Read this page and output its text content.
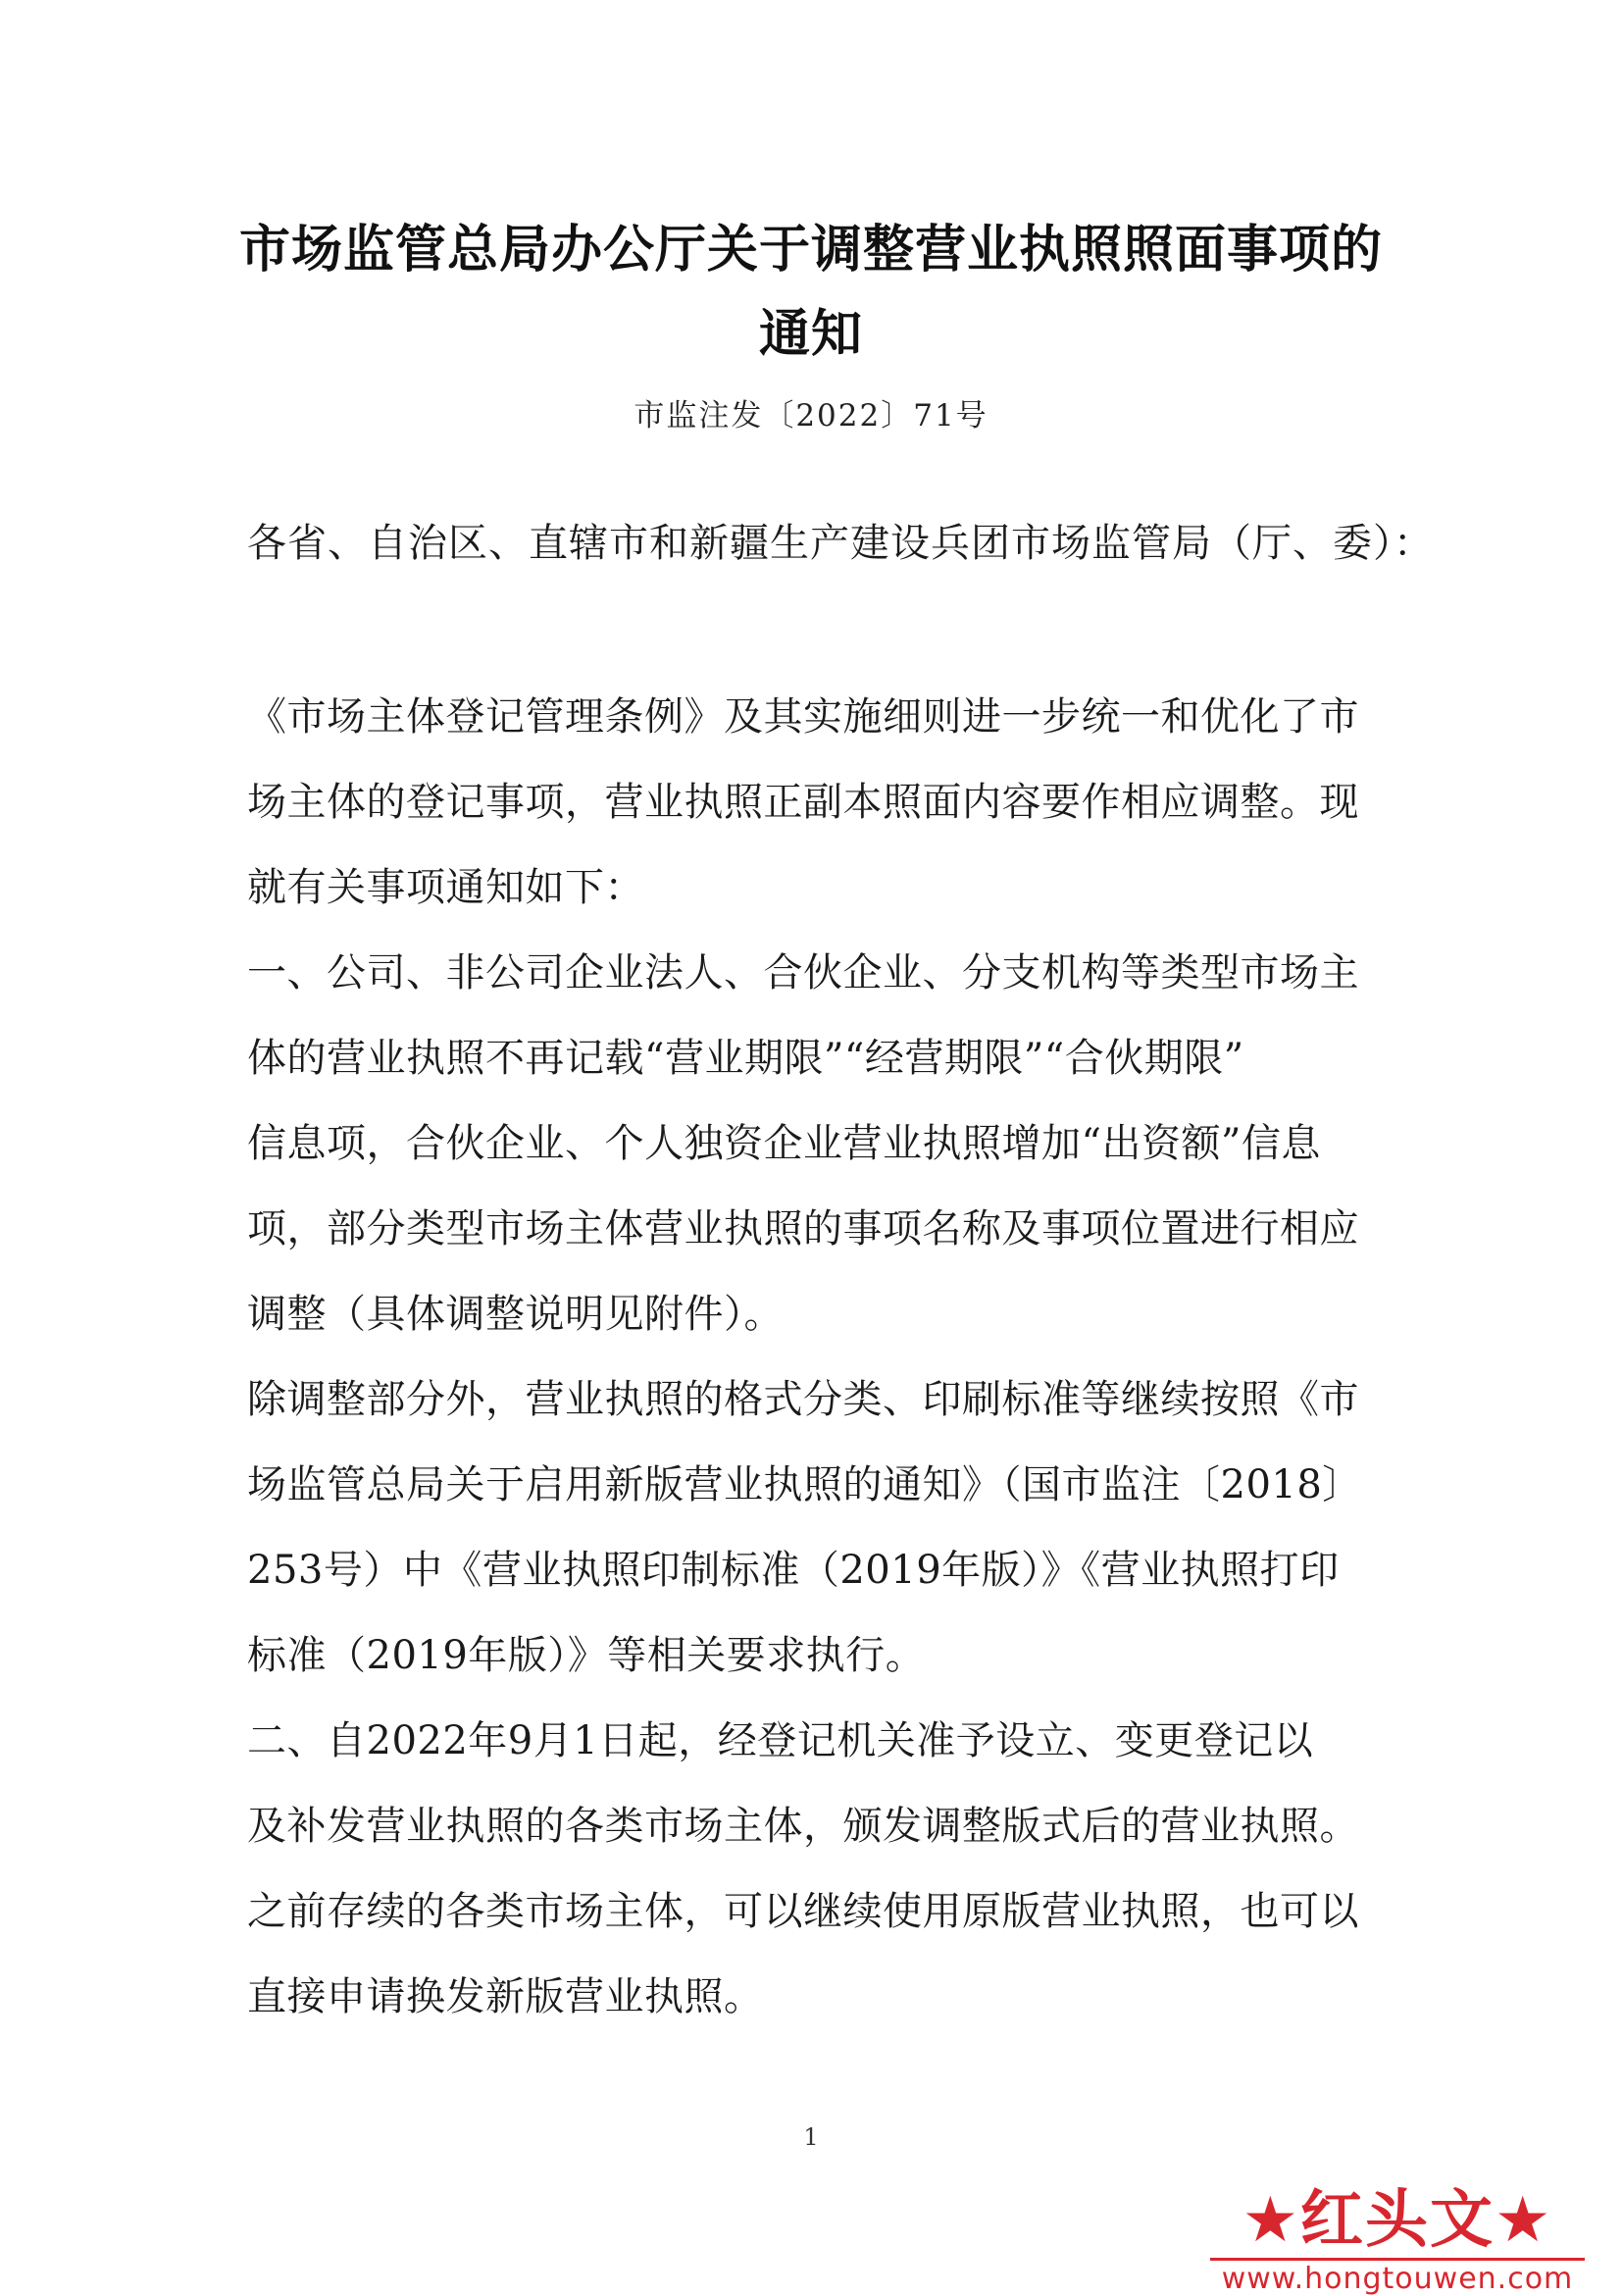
市场监管总局办公厅关于调整营业执照照面事项的
通知
市监注发〔2022〕71号
各省、自治区、直辖市和新疆生产建设兵团市场监管局（厅、委）：
《市场主体登记管理条例》及其实施细则进一步统一和优化了市
场主体的登记事项，营业执照正副本照面内容要作相应调整。现
就有关事项通知如下：
一、公司、非公司企业法人、合伙企业、分支机构等类型市场主
体的营业执照不再记载“营业期限”“经营期限”“合伙期限”
信息项，合伙企业、个人独资企业营业执照增加“出资额”信息
项，部分类型市场主体营业执照的事项名称及事项位置进行相应
调整（具体调整说明见附件）。
除调整部分外，营业执照的格式分类、印刷标准等继续按照《市
场监管总局关于启用新版营业执照的通知》（国市监注〔2018〕
253号）中《营业执照印制标准（2019年版）》《营业执照打印
标准（2019年版）》等相关要求执行。
二、自2022年9月1日起，经登记机关准予设立、变更登记以
及补发营业执照的各类市场主体，颁发调整版式后的营业执照。
之前存续的各类市场主体，可以继续使用原版营业执照，也可以
直接申请换发新版营业执照。
1
★红头文★
www.hongtouwen.com
